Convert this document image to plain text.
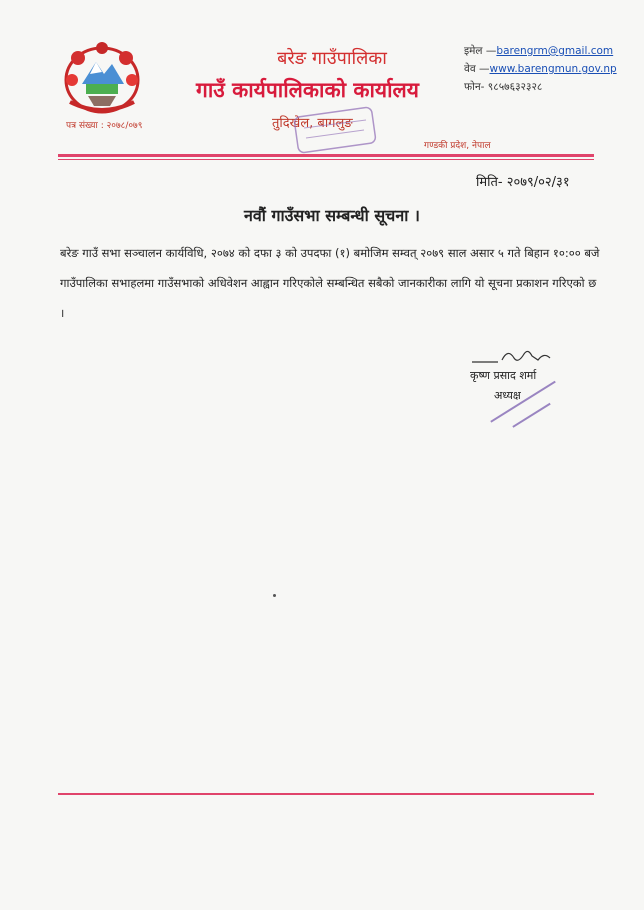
पत्र संख्या : २०७८/०७९
बरेङ गाउँपालिका
गाउँ कार्यपालिकाको कार्यालय
तुदिखेल, बागलुङ
गण्डकी प्रदेश, नेपाल
इमेल —barengrm@gmail.com
वेव —www.barengmun.gov.np
फोन- ९८५७६३२३२८
मिति- २०७९/०२/३१
नवौं गाउँसभा सम्बन्धी सूचना ।
बरेङ गाउँ सभा सञ्चालन कार्यविधि, २०७४ को दफा ३ को उपदफा (१) बमोजिम सम्वत् २०७९ साल असार ५ गते बिहान १०:०० बजे गाउँपालिका सभाहलमा गाउँसभाको अधिवेशन आह्वान गरिएकोले सम्बन्धित सबैको जानकारीका लागि यो सूचना प्रकाशन गरिएको छ ।
कृष्ण प्रसाद शर्मा
अध्यक्ष
